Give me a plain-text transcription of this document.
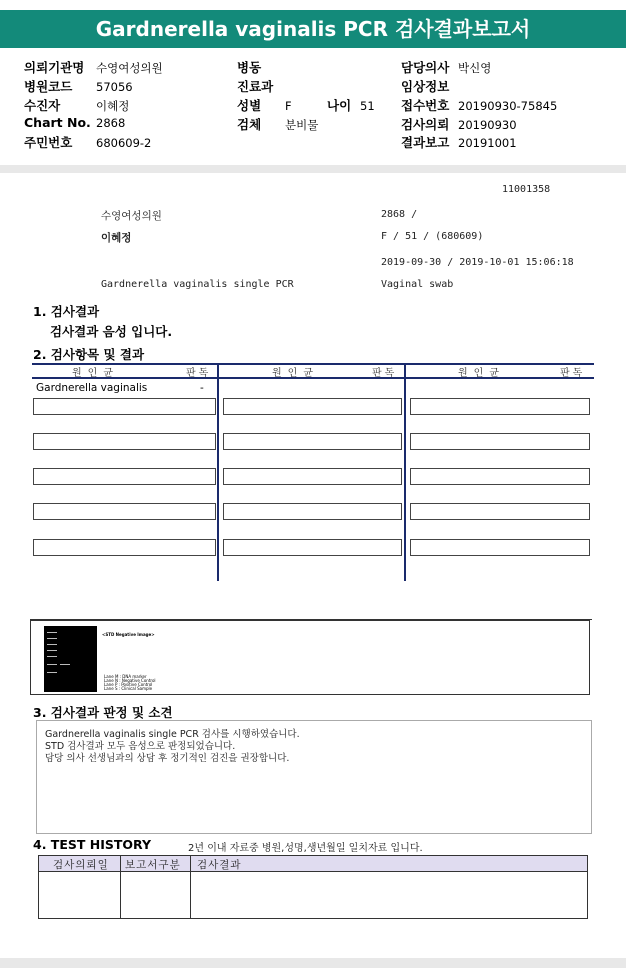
Gardnerella vaginalis PCR 검사결과보고서
의뢰기관명 수영여성의원
병원코드 57056
수진자	이혜정
Chart No. 2868
주민번호 680609-2
병동
진료과
성별 F	나이 51
검체 분비물
담당의사 박신영
임상정보
접수번호 20190930-75845
검사의뢰 20190930
결과보고 20191001
11001358
수영여성의원	2868 /
이혜정	F / 51 / (680609)
2019-09-30 / 2019-10-01 15:06:18
Gardnerella vaginalis single PCR	Vaginal swab
1. 검사결과
검사결과 음성 입니다.
2. 검사항목 및 결과
원인균	판독	원인균	판독	원인균	판독
Gardnerella vaginalis	-
<STD Negative Image>
Lane M : DNA marker
Lane N : Negative Control
Lane P : Positive Control
Lane S : Clinical Sample
3. 검사결과 판정 및 소견
Gardnerella vaginalis single PCR 검사를 시행하였습니다.
STD 검사결과 모두 음성으로 판정되었습니다.
담당 의사 선생님과의 상담 후 정기적인 검진을 권장합니다.
4. TEST HISTORY	2년 이내 자료중 병원,성명,생년월일 일치자료 입니다.
검사의뢰일 보고서구분 검사결과
